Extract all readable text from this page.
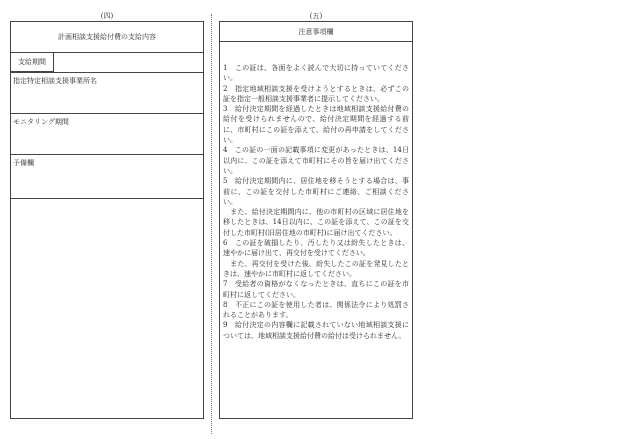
(四)	(五)
計画相談支援給付費の支給内容
支給期間
指定特定相談支援事業所名
モニタリング期間
予備欄
注意事項欄

1　この証は、各面をよく読んで大切に持っていてください。

2　指定地域相談支援を受けようとするときは、必ずこの証を指定一般相談支援事業者に提示してください。

3　給付決定期間を経過したときは地域相談支援給付費の給付を受けられませんので、給付決定期間を経過する前に、市町村にこの証を添えて、給付の再申請をしてください。

4　この証の一面の記載事項に変更があったときは、14日以内に、この証を添えて市町村にその旨を届け出てください。

5　給付決定期間内に、居住地を移そうとする場合は、事前に、この証を交付した市町村にご連絡、ご相談ください。

　また、給付決定期間内に、他の市町村の区域に居住地を移したときは、14日以内に、この証を添えて、この証を交付した市町村(旧居住地の市町村)に届け出てください。

6　この証を破損したり、汚したり又は紛失したときは、速やかに届け出て、再交付を受けてください。

　また、再交付を受けた後、紛失したこの証を発見したときは、速やかに市町村に返してください。

7　受給者の資格がなくなったときは、直ちにこの証を市町村に返してください。

8　不正にこの証を使用した者は、関係法令により処罰されることがあります。

9　給付決定の内容欄に記載されていない地域相談支援については、地域相談支援給付費の給付は受けられません。
